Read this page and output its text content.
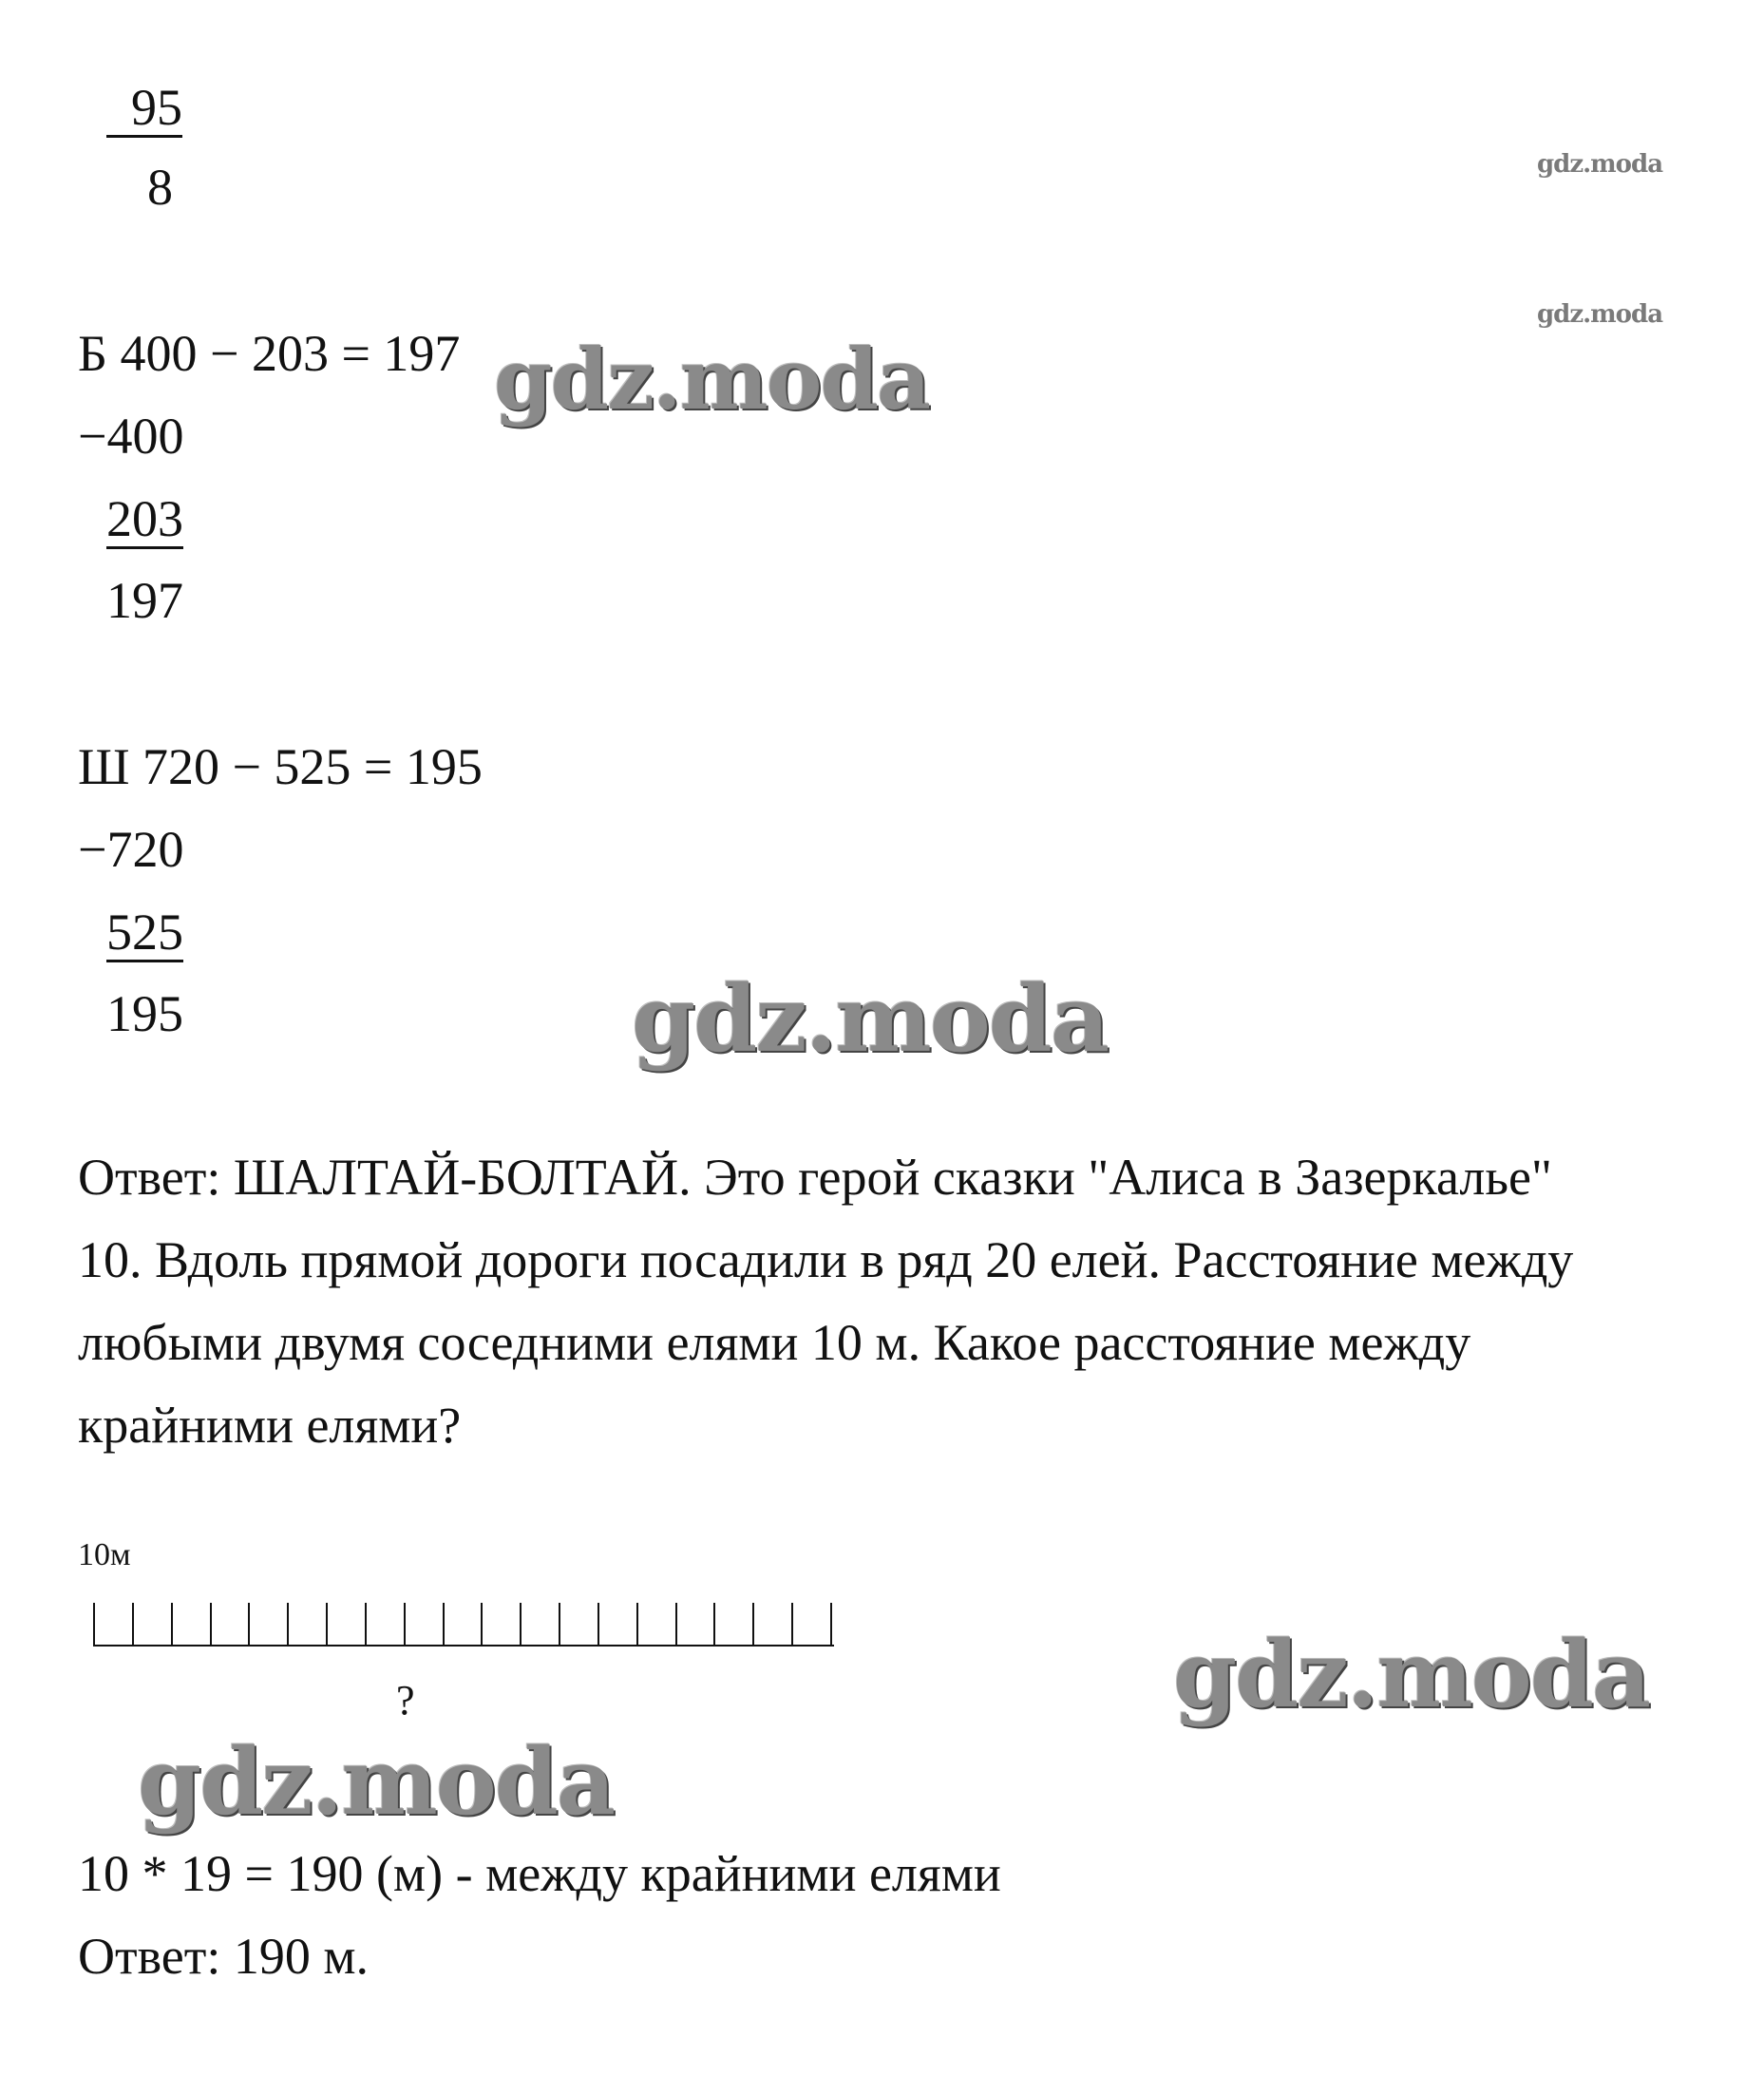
95
8	gdz.moda
gdz.moda
Б 400 − 203 = 197
−400
203
197
gdz.moda
Ш 720 − 525 = 195
−720
525
195	gdz.moda
Ответ: ШАЛТАЙ-БОЛТАЙ. Это герой сказки "Алиса в Зазеркалье"
10. Вдоль прямой дороги посадили в ряд 20 елей. Расстояние между
любыми двумя соседними елями 10 м. Какое расстояние между
крайними елями?
10м
?	gdz.moda
gdz.moda
10 * 19 = 190 (м) - между крайними елями
Ответ: 190 м.
